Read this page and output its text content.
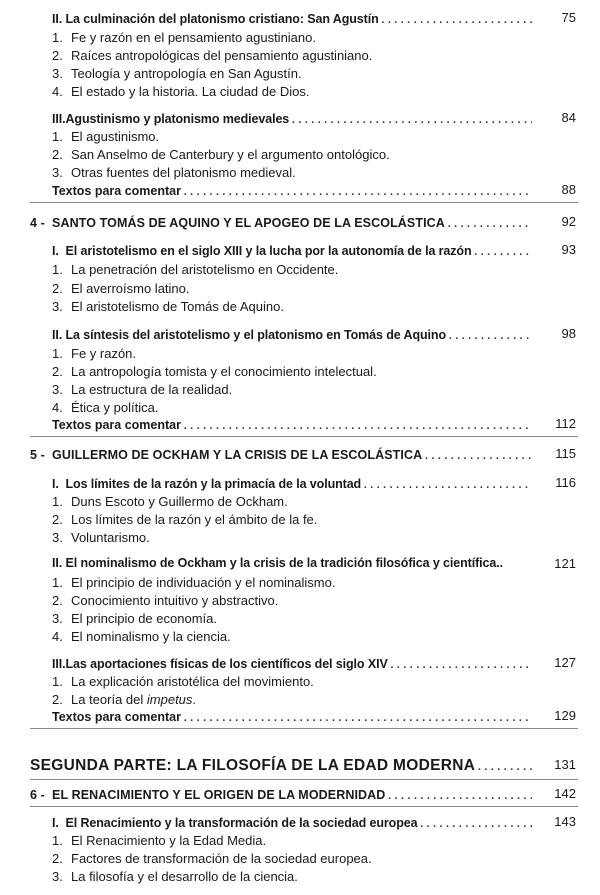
II. La culminación del platonismo cristiano: San Agustín .....	75
1. Fe y razón en el pensamiento agustiniano.
2. Raíces antropológicas del pensamiento agustiniano.
3. Teología y antropología en San Agustín.
4. El estado y la historia. La ciudad de Dios.
III.Agustinismo y platonismo medievales .....	84
1. El agustinismo.
2. San Anselmo de Canterbury y el argumento ontológico.
3. Otras fuentes del platonismo medieval.
Textos para comentar .....	88
4 - SANTO TOMÁS DE AQUINO Y EL APOGEO DE LA ESCOLÁSTICA .....	92
I. El aristotelismo en el siglo XIII y la lucha por la autonomía de la razón .....	93
1. La penetración del aristotelismo en Occidente.
2. El averroísmo latino.
3. El aristotelismo de Tomás de Aquino.
II. La síntesis del aristotelismo y el platonismo en Tomás de Aquino .....	98
1. Fe y razón.
2. La antropología tomista y el conocimiento intelectual.
3. La estructura de la realidad.
4. Ética y política.
Textos para comentar .....	112
5 - GUILLERMO DE OCKHAM Y LA CRISIS DE LA ESCOLÁSTICA .....	115
I. Los límites de la razón y la primacía de la voluntad .....	116
1. Duns Escoto y Guillermo de Ockham.
2. Los límites de la razón y el ámbito de la fe.
3. Voluntarismo.
II. El nominalismo de Ockham y la crisis de la tradición filosófica y científica..	121
1. El principio de individuación y el nominalismo.
2. Conocimiento intuitivo y abstractivo.
3. El principio de economía.
4. El nominalismo y la ciencia.
III.Las aportaciones físicas de los científicos del siglo XIV .....	127
1. La explicación aristotélica del movimiento.
2. La teoría del impetus.
Textos para comentar .....	129
SEGUNDA PARTE: LA FILOSOFÍA DE LA EDAD MODERNA .....	131
6 - EL RENACIMIENTO Y EL ORIGEN DE LA MODERNIDAD .....	142
I. El Renacimiento y la transformación de la sociedad europea .....	143
1. El Renacimiento y la Edad Media.
2. Factores de transformación de la sociedad europea.
3. La filosofía y el desarrollo de la ciencia.
